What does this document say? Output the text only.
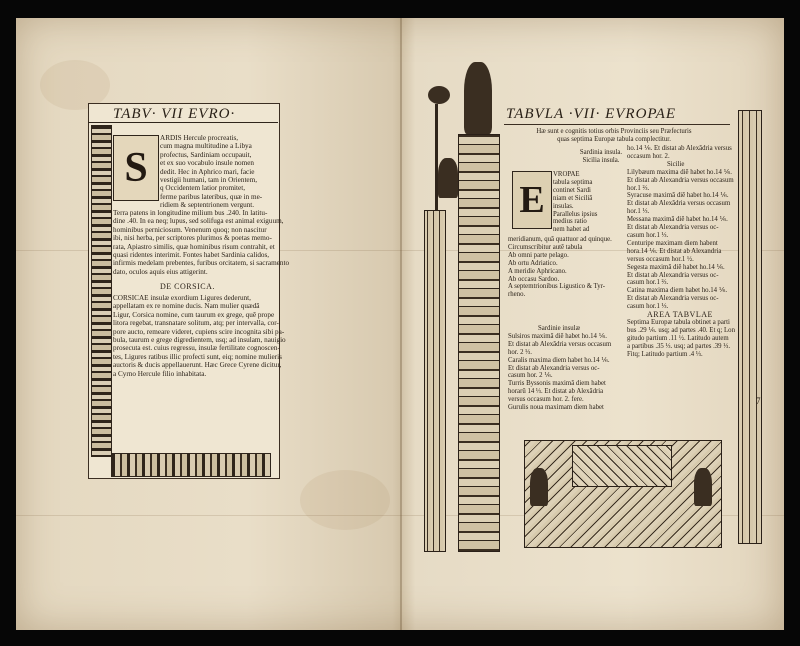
TABV· VII EVRO·
S
ARDIS Hercule procreatis,
cum magna multitudine a Libya
profectus, Sardiniam occupauit,
et ex suo vocabulo insule nomen
dedit. Hec in Aphrico mari, facie
vestigii humani, tam in Orientem,
q Occidentem latior promitet,
ferme paribus lateribus, quæ in me-
ridiem & septentrionem vergunt.
Terra patens in longitudine milium bus .240. In latitu-
dine .40. In ea neq; lupus, sed solifuga est animal exiguum,
hominibus perniciosum. Venenum quoq; non nascitur
ibi, nisi herba, per scriptores plurimos & poetas memo-
rata, Apiastro similis, quæ hominibus risum contrahit, et
quasi ridentes interimit. Fontes habet Sardinia calidos,
infirmis medelam prebentes, furibus orcitatem, si sacramento
dato, oculos aquis eius attigerint.
DE CORSICA.
CORSICAE insulæ exordium Ligures dederunt,
appellatam ex re nomine ducis. Nam mulier quædā
Ligur, Corsica nomine, cum taurum ex grege, quē prope
litora regebat, transnatare solitum, atq; per intervalla, cor-
pore aucto, remeare videret, cupiens scire incognita sibi pa-
bula, taurum e grege digredientem, usq; ad insulam, nauigio
prosecuta est. cuius regressu, insulæ fertilitate cognoscen-
tes, Ligures ratibus illic profecti sunt, eiq; nomine mulieris
auctoris & ducis appellauerunt. Hæc Grece Cyrene dicitur,
a Cyrno Hercule filio inhabitata.
TABVLA ·VII· EVROPAE
Hæ sunt e cognitis totius orbis Provinciis seu Præfecturis
quas septima Europæ tabula complectitur.
Sardinia insula.
Sicilia insula.
E
VROPAE
tabula septima
continet Sardi
niam et Siciliā
insulas.
Parallelus ipsius
medius ratio
nem habet ad
meridianum, quā quattuor ad quinque.
Circumscribitur autē tabula
Ab omni parte pelago.
Ab ortu Adriatico.
A meridie Aphricano.
Ab occasu Sardoo.
A septemtrionibus Ligustico & Tyr-
rheno.
Sardinie insulæ
Sulsiros maximā diē habet ho.14 ⅙.
Et distat ab Alexādria versus occasum
hor. 2 ⅓.
Caralis maxima diem habet ho.14 ⅙.
Et distat ab Alexandria versus oc-
casum hor. 2 ⅙.
Turris Byssonis maximā diem habet
horarū 14 ⅓. Et distat ab Alexādria
versus occasum hor. 2. fere.
Gurulis noua maximam diem habet
ho.14 ⅙. Et distat ab Alexādria versus
occasum hor. 2.
Sicilie
Lilybæum maxima diē habet ho.14 ⅙.
Et distat ab Alexandria versus occasum
hor.1 ⅔.
Syracuse maximā diē habet ho.14 ⅙.
Et distat ab Alexādria versus occasum
hor.1 ⅓.
Messana maximā diē habet ho.14 ⅙.
Et distat ab Alexandria versus oc-
casum hor.1 ⅓.
Centuripe maximam diem habent
hora.14 ⅙. Et distat ab Alexandria
versus occasum hor.1 ½.
Segesta maximā diē habet ho.14 ⅙.
Et distat ab Alexandria versus oc-
casum hor.1 ⅔.
Catina maxima diem habet ho.14 ⅙.
Et distat ab Alexandria versus oc-
casum hor.1 ⅓.
AREA TABVLAE
Septima Europæ tabula obtinet a parti
bus .29 ⅙. usq; ad partes .40. Et q; Lon
gitudo partium .11 ½. Latitudo autem
a partibus .35 ⅓. usq; ad partes .39 ⅓.
Fitq; Latitudo partium .4 ⅓.
7
